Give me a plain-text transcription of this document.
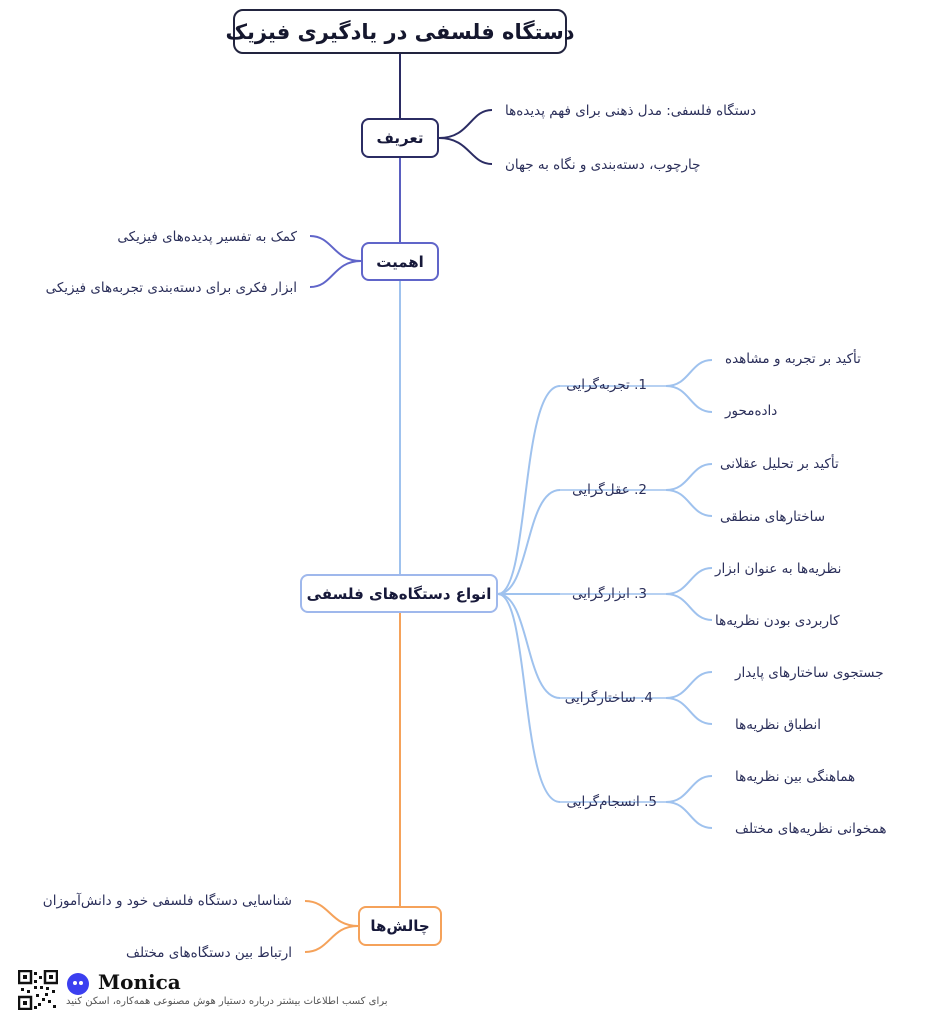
دستگاه فلسفی در یادگیری فیزیک
تعریف
اهمیت
انواع دستگاه‌های فلسفی
چالش‌ها
دستگاه فلسفی: مدل ذهنی برای فهم پدیده‌ها
چارچوب، دسته‌بندی و نگاه به جهان
کمک به تفسیر پدیده‌های فیزیکی
ابزار فکری برای دسته‌بندی تجربه‌های فیزیکی
1. تجربه‌گرایی
2. عقل‌گرایی
3. ابزارگرایی
4. ساختارگرایی
5. انسجام‌گرایی
تأکید بر تجربه و مشاهده
داده‌محور
تأکید بر تحلیل عقلانی
ساختارهای منطقی
نظریه‌ها به عنوان ابزار
کاربردی بودن نظریه‌ها
جستجوی ساختارهای پایدار
انطباق نظریه‌ها
هماهنگی بین نظریه‌ها
همخوانی نظریه‌های مختلف
شناسایی دستگاه فلسفی خود و دانش‌آموزان
ارتباط بین دستگاه‌های مختلف
Monica
برای کسب اطلاعات بیشتر درباره دستیار هوش مصنوعی همه‌کاره، اسکن کنید
